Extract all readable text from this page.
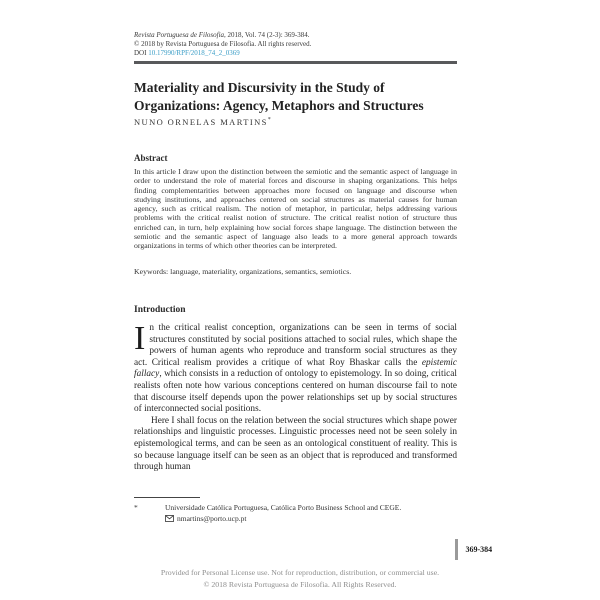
Revista Portuguesa de Filosofia, 2018, Vol. 74 (2-3): 369-384.
© 2018 by Revista Portuguesa de Filosofia. All rights reserved.
DOI 10.17990/RPF/2018_74_2_0369
Materiality and Discursivity in the Study of Organizations: Agency, Metaphors and Structures
NUNO ORNELAS MARTINS*
Abstract

In this article I draw upon the distinction between the semiotic and the semantic aspect of language in order to understand the role of material forces and discourse in shaping organizations. This helps finding complementarities between approaches more focused on language and discourse when studying institutions, and approaches centered on social structures as material causes for human agency, such as critical realism. The notion of metaphor, in particular, helps addressing various problems with the critical realist notion of structure. The critical realist notion of structure thus enriched can, in turn, help explaining how social forces shape language. The distinction between the semiotic and the semantic aspect of language also leads to a more general approach towards organizations in terms of which other theories can be interpreted.

Keywords: language, materiality, organizations, semantics, semiotics.
Introduction

In the critical realist conception, organizations can be seen in terms of social structures constituted by social positions attached to social rules, which shape the powers of human agents who reproduce and transform social structures as they act. Critical realism provides a critique of what Roy Bhaskar calls the epistemic fallacy, which consists in a reduction of ontology to epistemology. In so doing, critical realists often note how various conceptions centered on human discourse fail to note that discourse itself depends upon the power relationships set up by social structures of interconnected social positions.

Here I shall focus on the relation between the social structures which shape power relationships and linguistic processes. Linguistic processes need not be seen solely in epistemological terms, and can be seen as an ontological constituent of reality. This is so because language itself can be seen as an object that is reproduced and transformed through human

*	Universidade Católica Portuguesa, Católica Porto Business School and CEGE.
nmartins@porto.ucp.pt
369-384
Provided for Personal License use. Not for reproduction, distribution, or commercial use.
© 2018 Revista Portuguesa de Filosofia. All Rights Reserved.
